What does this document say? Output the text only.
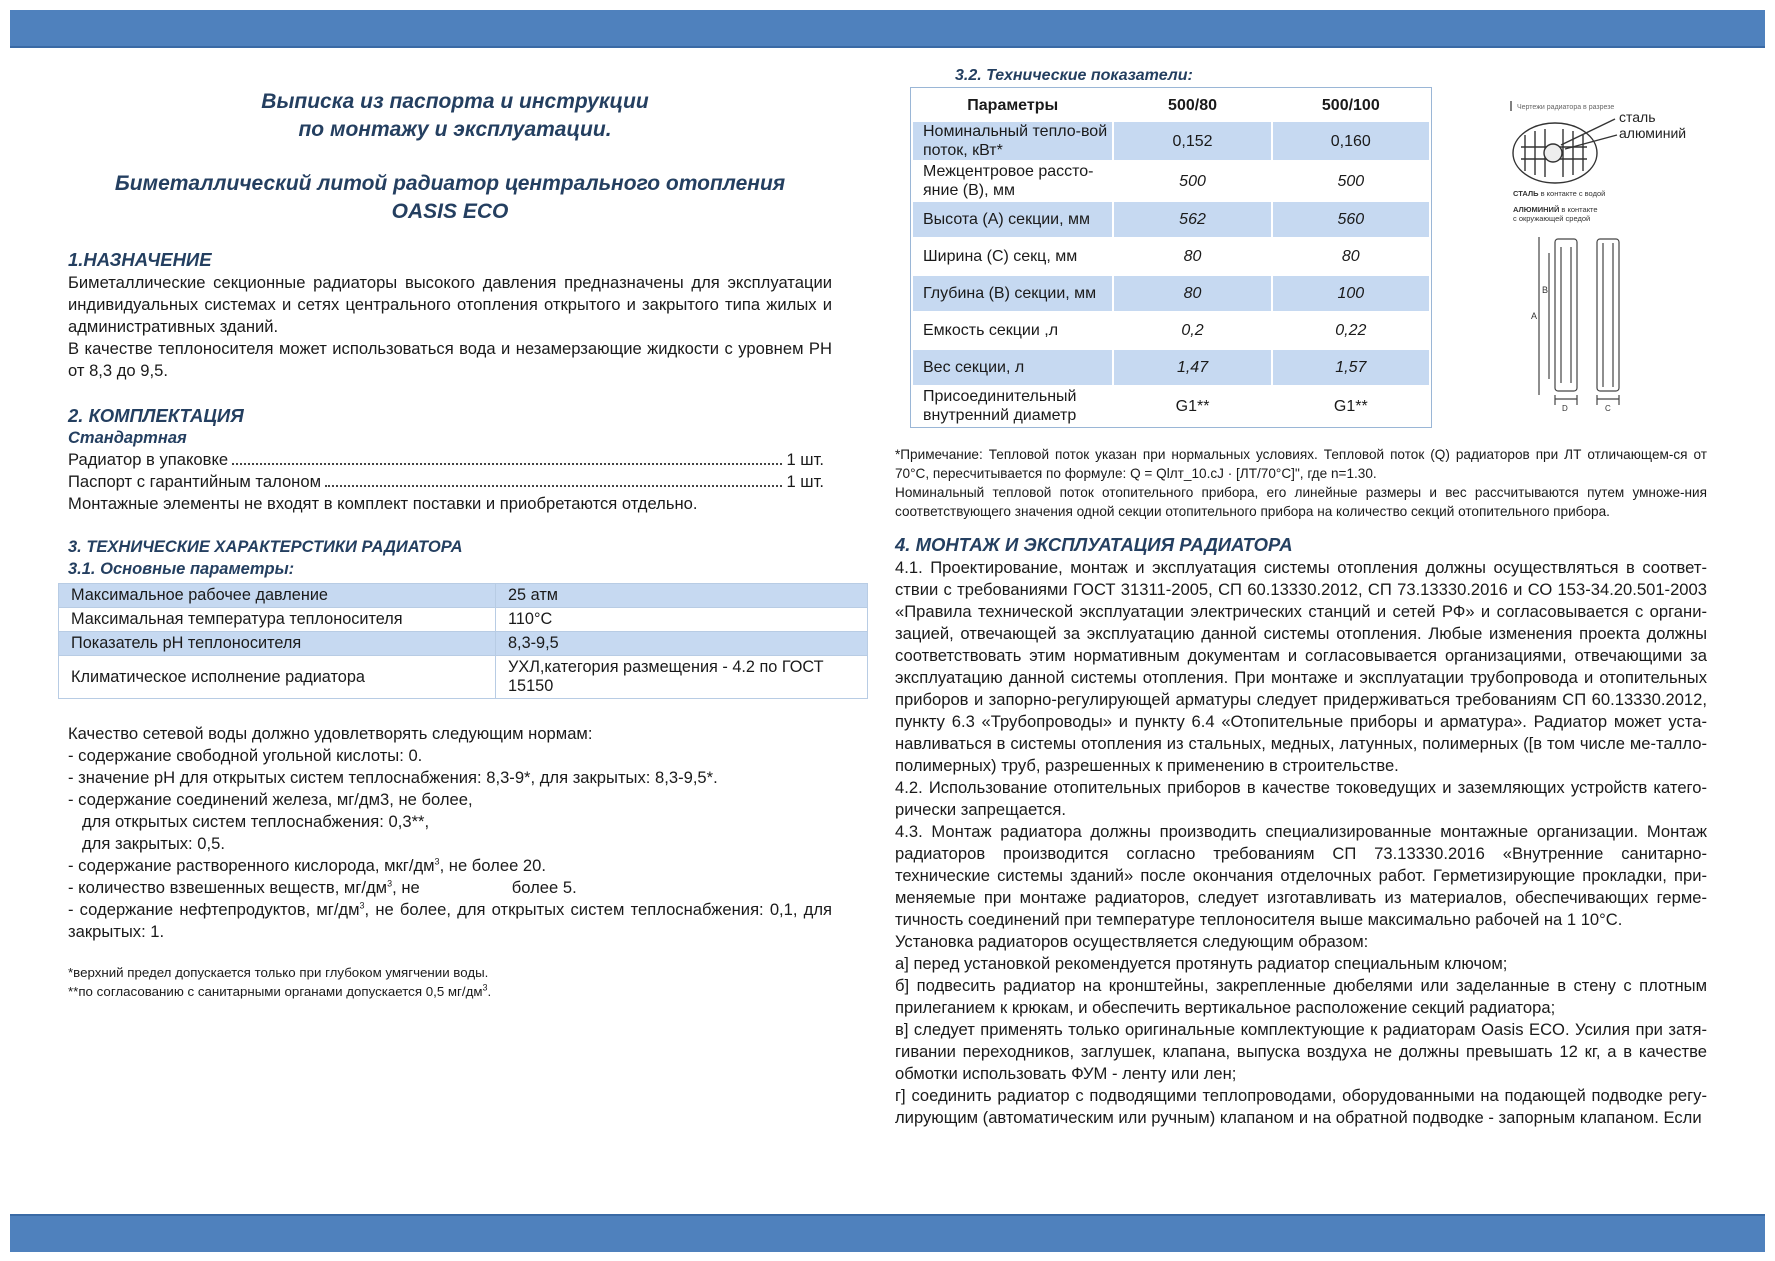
Выписка из паспорта и инструкции
по монтажу и эксплуатации.
Биметаллический литой радиатор центрального отопления
OASIS ECO
1.НАЗНАЧЕНИЕ

Биметаллические секционные радиаторы высокого давления предназначены для эксплуатации индивидуальных системах и сетях центрального отопления открытого и закрытого типа жилых и административных зданий.

В качестве теплоносителя может использоваться вода и незамерзающие жидкости с уровнем РН от 8,3 до 9,5.

2. КОМПЛЕКТАЦИЯ
Стандартная
Радиатор в упаковке	1 шт.
Паспорт с гарантийным талоном	1 шт.

Монтажные элементы не входят в комплект поставки и приобретаются отдельно.

3. ТЕХНИЧЕСКИЕ ХАРАКТЕРСТИКИ РАДИАТОРА
3.1. Основные параметры:
Максимальное рабочее давление	25 атм
Максимальная температура теплоносителя	110°С
Показатель рН теплоносителя	8,3-9,5
Климатическое исполнение радиатора	УХЛ,категория размещения - 4.2 по ГОСТ 15150

Качество сетевой воды должно удовлетворять следующим нормам:

- содержание свободной угольной кислоты: 0.

- значение рН для открытых систем теплоснабжения: 8,3-9*, для закрытых: 8,3-9,5*.

- содержание соединений железа, мг/дм3, не более,

для открытых систем теплоснабжения: 0,3**,

для закрытых: 0,5.

- содержание растворенного кислорода, мкг/$дм^3$, не более 20.

- количество взвешенных веществ, $мг/дм^3$, не	более 5.

- содержание нефтепродуктов, $мг/дм^3$, не более, для открытых систем теплоснабжения: 0,1, для закрытых: 1.

*верхний предел допускается только при глубоком умягчении воды.

**по согласованию с санитарными органами допускается 0,5 $мг/дм^3$.

3.2. Технические показатели:
Параметры	500/80	500/100
Номинальный тепло-вой поток, кВт*	0,152	0,160
Межцентровое рассто-яние (В), мм	500	500
Высота (А) секции, мм	562	560
Ширина (С) секц, мм	80	80
Глубина (В) секции, мм	80	100
Емкость секции ,л	0,2	0,22
Вес секции, л	1,47	1,57
Присоединительный внутренний диаметр	G1**	G1**

*Примечание: Тепловой поток указан при нормальных условиях. Тепловой поток (Q) радиаторов при ЛТ отличающем-ся от 70°С, пересчитывается по формуле: Q = Qlлт_10.cJ · [ЛТ/70°С]", где n=1.30.

Номинальный тепловой поток отопительного прибора, его линейные размеры и вес рассчитываются путем умноже-ния соответствующего значения одной секции отопительного прибора на количество секций отопительного прибора.

4. МОНТАЖ И ЭКСПЛУАТАЦИЯ РАДИАТОРА

4.1. Проектирование, монтаж и эксплуатация системы отопления должны осуществляться в соответ-ствии с требованиями ГОСТ 31311-2005, СП 60.13330.2012, СП 73.13330.2016 и СО 153-34.20.501-2003 «Правила технической эксплуатации электрических станций и сетей РФ» и согласовывается с органи-зацией, отвечающей за эксплуатацию данной системы отопления. Любые изменения проекта должны соответствовать этим нормативным документам и согласовывается организациями, отвечающими за эксплуатацию данной системы отопления. При монтаже и эксплуатации трубопровода и отопительных приборов и запорно-регулирующей арматуры следует придерживаться требованиям СП 60.13330.2012, пункту 6.3 «Трубопроводы» и пункту 6.4 «Отопительные приборы и арматура». Радиатор может уста-навливаться в системы отопления из стальных, медных, латунных, полимерных ([в том числе ме-талло- полимерных) труб, разрешенных к применению в строительстве.

4.2. Использование отопительных приборов в качестве токоведущих и заземляющих устройств катего-рически запрещается.

4.3. Монтаж радиатора должны производить специализированные монтажные организации. Монтаж радиаторов производится согласно требованиям СП 73.13330.2016 «Внутренние санитарно-технические системы зданий» после окончания отделочных работ. Герметизирующие прокладки, при-меняемые при монтаже радиаторов, следует изготавливать из материалов, обеспечивающих герме-тичность соединений при температуре теплоносителя выше максимально рабочей на 1 10°С.

Установка радиаторов осуществляется следующим образом:

а] перед установкой рекомендуется протянуть радиатор специальным ключом;

б] подвесить радиатор на кронштейны, закрепленные дюбелями или заделанные в стену с плотным прилеганием к крюкам, и обеспечить вертикальное расположение секций радиатора;

в] следует применять только оригинальные комплектующие к радиаторам Oasis ECO. Усилия при затя-гивании переходников, заглушек, клапана, выпуска воздуха не должны превышать 12 кг, а в качестве обмотки использовать ФУМ - ленту или лен;

г] соединить радиатор с подводящими теплопроводами, оборудованными на подающей подводке регу-лирующим (автоматическим или ручным) клапаном и на обратной подводке - запорным клапаном. Если

Чертежи радиатора в разрезе
сталь
алюминий
СТАЛЬ в контакте с водой
АЛЮМИНИЙ в контакте
с окружающей средой
A
B
D	C
